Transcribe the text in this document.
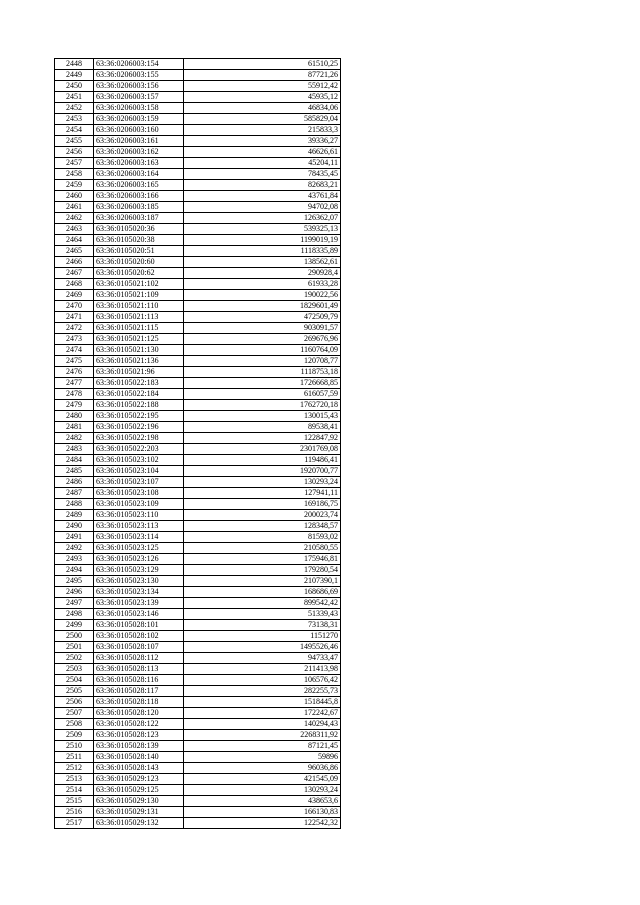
2448	63:36:0206003:154	61510,25
2449	63:36:0206003:155	87721,26
2450	63:36:0206003:156	55912,42
2451	63:36:0206003:157	45935,12
2452	63:36:0206003:158	46834,06
2453	63:36:0206003:159	585829,04
2454	63:36:0206003:160	215833,3
2455	63:36:0206003:161	39336,27
2456	63:36:0206003:162	46626,61
2457	63:36:0206003:163	45204,11
2458	63:36:0206003:164	78435,45
2459	63:36:0206003:165	82683,21
2460	63:36:0206003:166	43761,84
2461	63:36:0206003:185	94702,08
2462	63:36:0206003:187	126362,07
2463	63:36:0105020:36	539325,13
2464	63:36:0105020:38	1199019,19
2465	63:36:0105020:51	1118335,89
2466	63:36:0105020:60	138562,61
2467	63:36:0105020:62	290928,4
2468	63:36:0105021:102	61933,28
2469	63:36:0105021:109	190022,56
2470	63:36:0105021:110	1829601,49
2471	63:36:0105021:113	472509,79
2472	63:36:0105021:115	903091,57
2473	63:36:0105021:125	269676,96
2474	63:36:0105021:130	1160764,09
2475	63:36:0105021:136	120708,77
2476	63:36:0105021:96	1118753,18
2477	63:36:0105022:183	1726668,85
2478	63:36:0105022:184	616057,59
2479	63:36:0105022:188	1762720,18
2480	63:36:0105022:195	130015,43
2481	63:36:0105022:196	89538,41
2482	63:36:0105022:198	122847,92
2483	63:36:0105022:203	2301769,08
2484	63:36:0105023:102	119486,41
2485	63:36:0105023:104	1920700,77
2486	63:36:0105023:107	130293,24
2487	63:36:0105023:108	127941,11
2488	63:36:0105023:109	169186,75
2489	63:36:0105023:110	200023,74
2490	63:36:0105023:113	128348,57
2491	63:36:0105023:114	81593,02
2492	63:36:0105023:125	210580,55
2493	63:36:0105023:126	175946,81
2494	63:36:0105023:129	179280,54
2495	63:36:0105023:130	2107390,1
2496	63:36:0105023:134	168686,69
2497	63:36:0105023:139	899542,42
2498	63:36:0105023:146	51339,43
2499	63:36:0105028:101	73138,31
2500	63:36:0105028:102	1151270
2501	63:36:0105028:107	1495526,46
2502	63:36:0105028:112	94733,47
2503	63:36:0105028:113	211413,98
2504	63:36:0105028:116	106576,42
2505	63:36:0105028:117	282255,73
2506	63:36:0105028:118	1518445,8
2507	63:36:0105028:120	172242,67
2508	63:36:0105028:122	140294,43
2509	63:36:0105028:123	2268311,92
2510	63:36:0105028:139	87121,45
2511	63:36:0105028:140	59896
2512	63:36:0105028:143	96036,86
2513	63:36:0105029:123	421545,09
2514	63:36:0105029:125	130293,24
2515	63:36:0105029:130	438653,6
2516	63:36:0105029:131	166130,83
2517	63:36:0105029:132	122542,32
